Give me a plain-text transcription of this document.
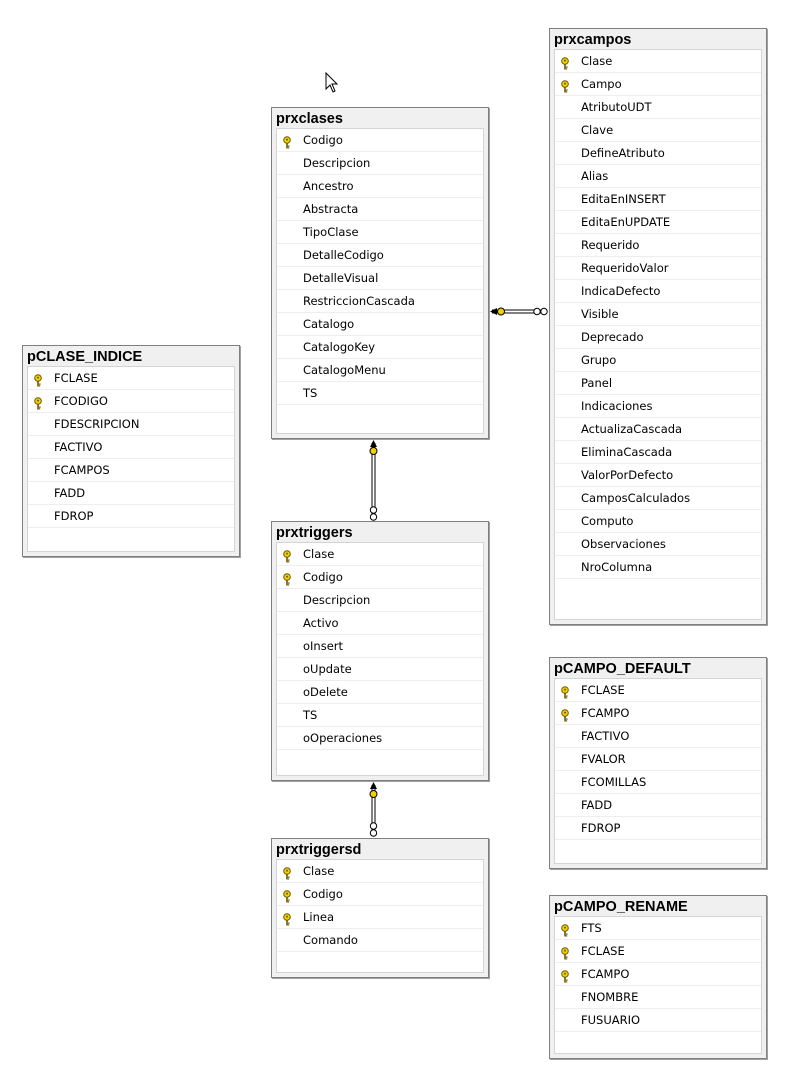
prxclases
Codigo
Descripcion
Ancestro
Abstracta
TipoClase
DetalleCodigo
DetalleVisual
RestriccionCascada
Catalogo
CatalogoKey
CatalogoMenu
TS
prxcampos
Clase
Campo
AtributoUDT
Clave
DefineAtributo
Alias
EditaEnINSERT
EditaEnUPDATE
Requerido
RequeridoValor
IndicaDefecto
Visible
Deprecado
Grupo
Panel
Indicaciones
ActualizaCascada
EliminaCascada
ValorPorDefecto
CamposCalculados
Computo
Observaciones
NroColumna
pCLASE_INDICE
FCLASE
FCODIGO
FDESCRIPCION
FACTIVO
FCAMPOS
FADD
FDROP
prxtriggers
Clase
Codigo
Descripcion
Activo
oInsert
oUpdate
oDelete
TS
oOperaciones
prxtriggersd
Clase
Codigo
Linea
Comando
pCAMPO_DEFAULT
FCLASE
FCAMPO
FACTIVO
FVALOR
FCOMILLAS
FADD
FDROP
pCAMPO_RENAME
FTS
FCLASE
FCAMPO
FNOMBRE
FUSUARIO
